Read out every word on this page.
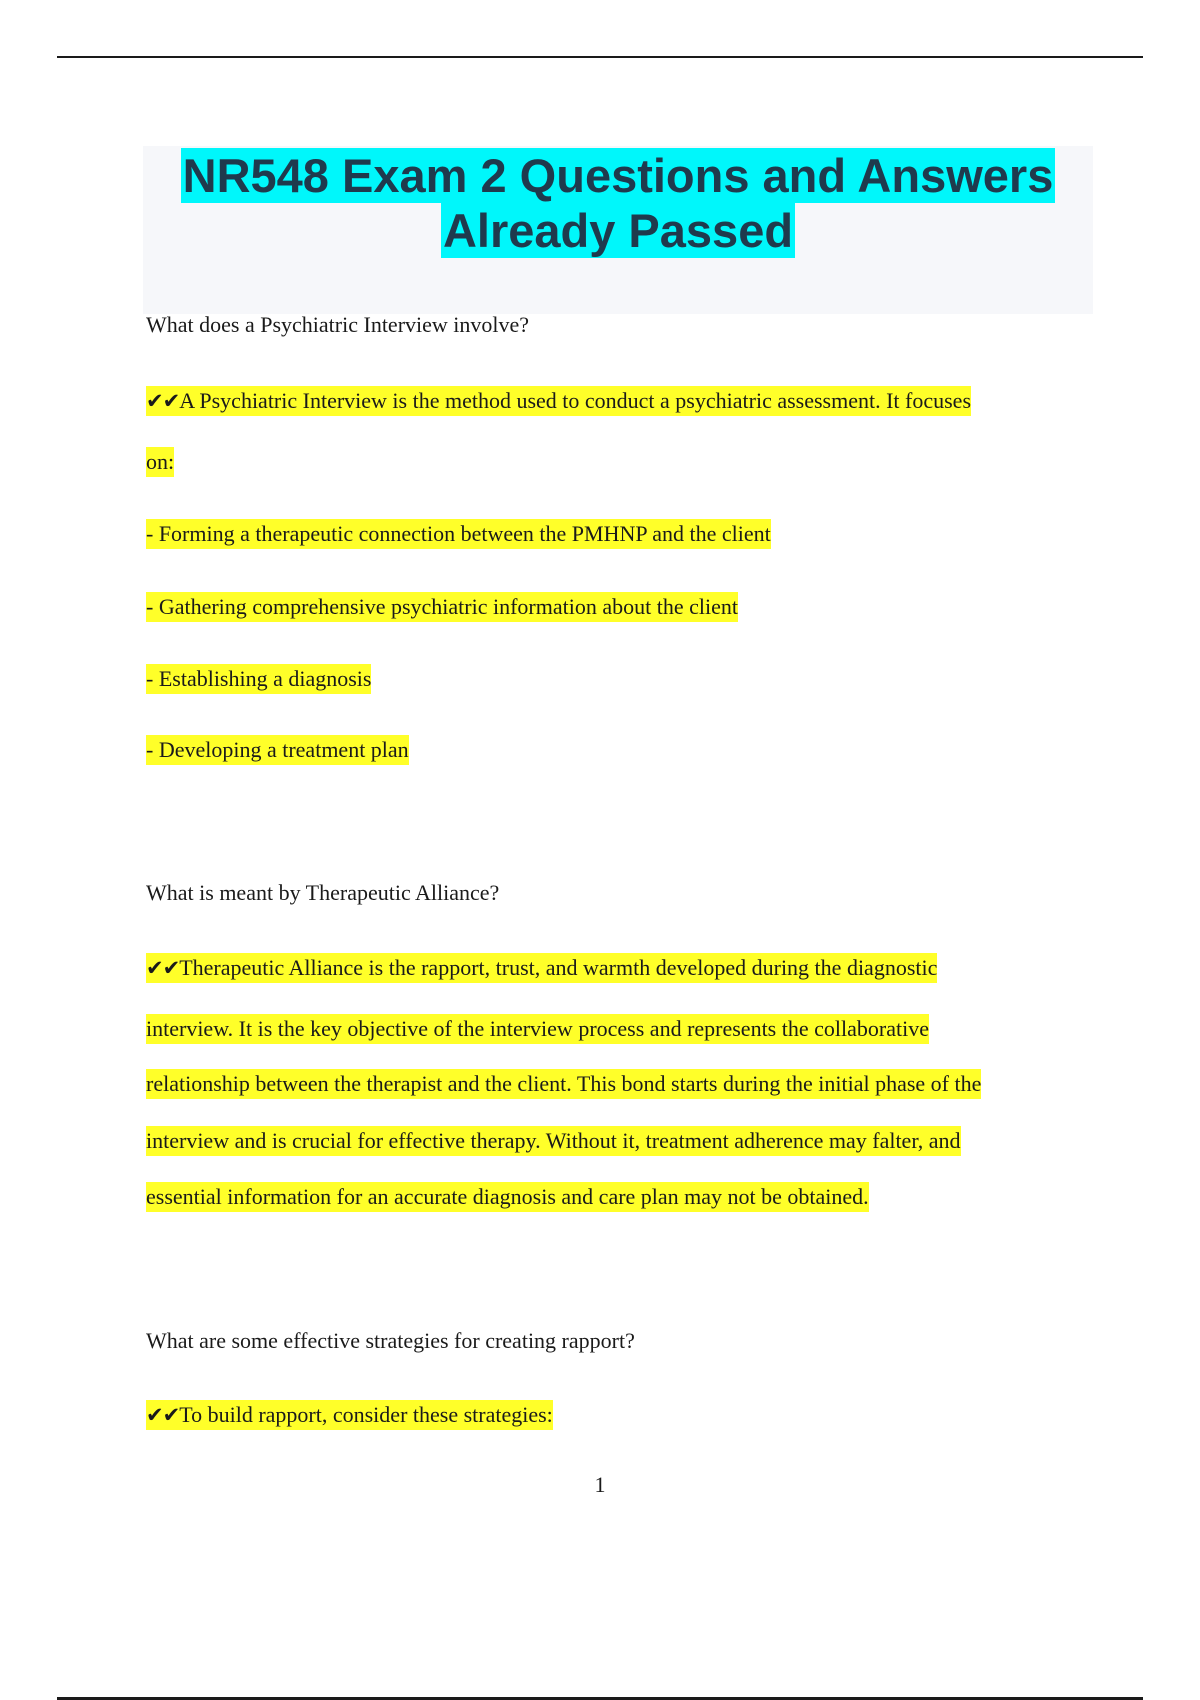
NR548 Exam 2 Questions and Answers
Already Passed
What does a Psychiatric Interview involve?
✔✔A Psychiatric Interview is the method used to conduct a psychiatric assessment. It focuses
on:
- Forming a therapeutic connection between the PMHNP and the client
- Gathering comprehensive psychiatric information about the client
- Establishing a diagnosis
- Developing a treatment plan
What is meant by Therapeutic Alliance?
✔✔Therapeutic Alliance is the rapport, trust, and warmth developed during the diagnostic
interview. It is the key objective of the interview process and represents the collaborative
relationship between the therapist and the client. This bond starts during the initial phase of the
interview and is crucial for effective therapy. Without it, treatment adherence may falter, and
essential information for an accurate diagnosis and care plan may not be obtained.
What are some effective strategies for creating rapport?
✔✔To build rapport, consider these strategies:
1
